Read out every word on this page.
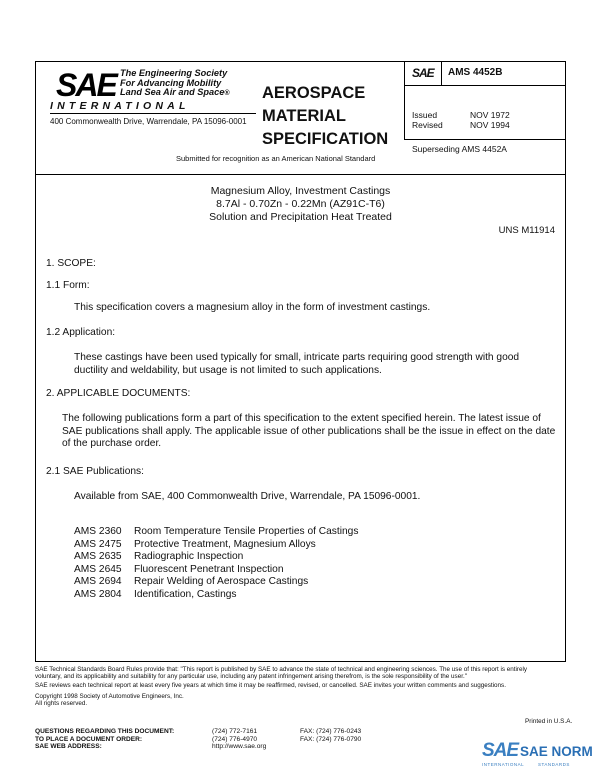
SAE The Engineering Society
For Advancing Mobility
Land Sea Air and Space®
INTERNATIONAL
400 Commonwealth Drive, Warrendale, PA 15096-0001
AEROSPACE
MATERIAL
SPECIFICATION
Submitted for recognition as an American National Standard
SAE AMS 4452B
Issued	NOV 1972
Revised	NOV 1994
Superseding AMS 4452A
Magnesium Alloy, Investment Castings
8.7Al - 0.70Zn - 0.22Mn (AZ91C-T6)
Solution and Precipitation Heat Treated
UNS M11914
1. SCOPE:
1.1 Form:
This specification covers a magnesium alloy in the form of investment castings.
1.2 Application:
These castings have been used typically for small, intricate parts requiring good strength with good ductility and weldability, but usage is not limited to such applications.
2. APPLICABLE DOCUMENTS:
The following publications form a part of this specification to the extent specified herein. The latest issue of SAE publications shall apply. The applicable issue of other publications shall be the issue in effect on the date of the purchase order.
2.1 SAE Publications:
Available from SAE, 400 Commonwealth Drive, Warrendale, PA 15096-0001.
AMS 2360 Room Temperature Tensile Properties of Castings
AMS 2475 Protective Treatment, Magnesium Alloys
AMS 2635 Radiographic Inspection
AMS 2645 Fluorescent Penetrant Inspection
AMS 2694 Repair Welding of Aerospace Castings
AMS 2804 Identification, Castings
SAE Technical Standards Board Rules provide that: "This report is published by SAE to advance the state of technical and engineering sciences. The use of this report is entirely
voluntary, and its applicability and suitability for any particular use, including any patent infringement arising therefrom, is the sole responsibility of the user."
SAE reviews each technical report at least every five years at which time it may be reaffirmed, revised, or cancelled. SAE invites your written comments and suggestions.
Copyright 1998 Society of Automotive Engineers, Inc.
All rights reserved.
Printed in U.S.A.
QUESTIONS REGARDING THIS DOCUMENT:	(724) 772-7161	FAX: (724) 776-0243
TO PLACE A DOCUMENT ORDER:	(724) 776-4970	FAX: (724) 776-0790
SAE WEB ADDRESS:	http://www.sae.org	SAE SAE NORM
INTERNATIONAL	STANDARDS
